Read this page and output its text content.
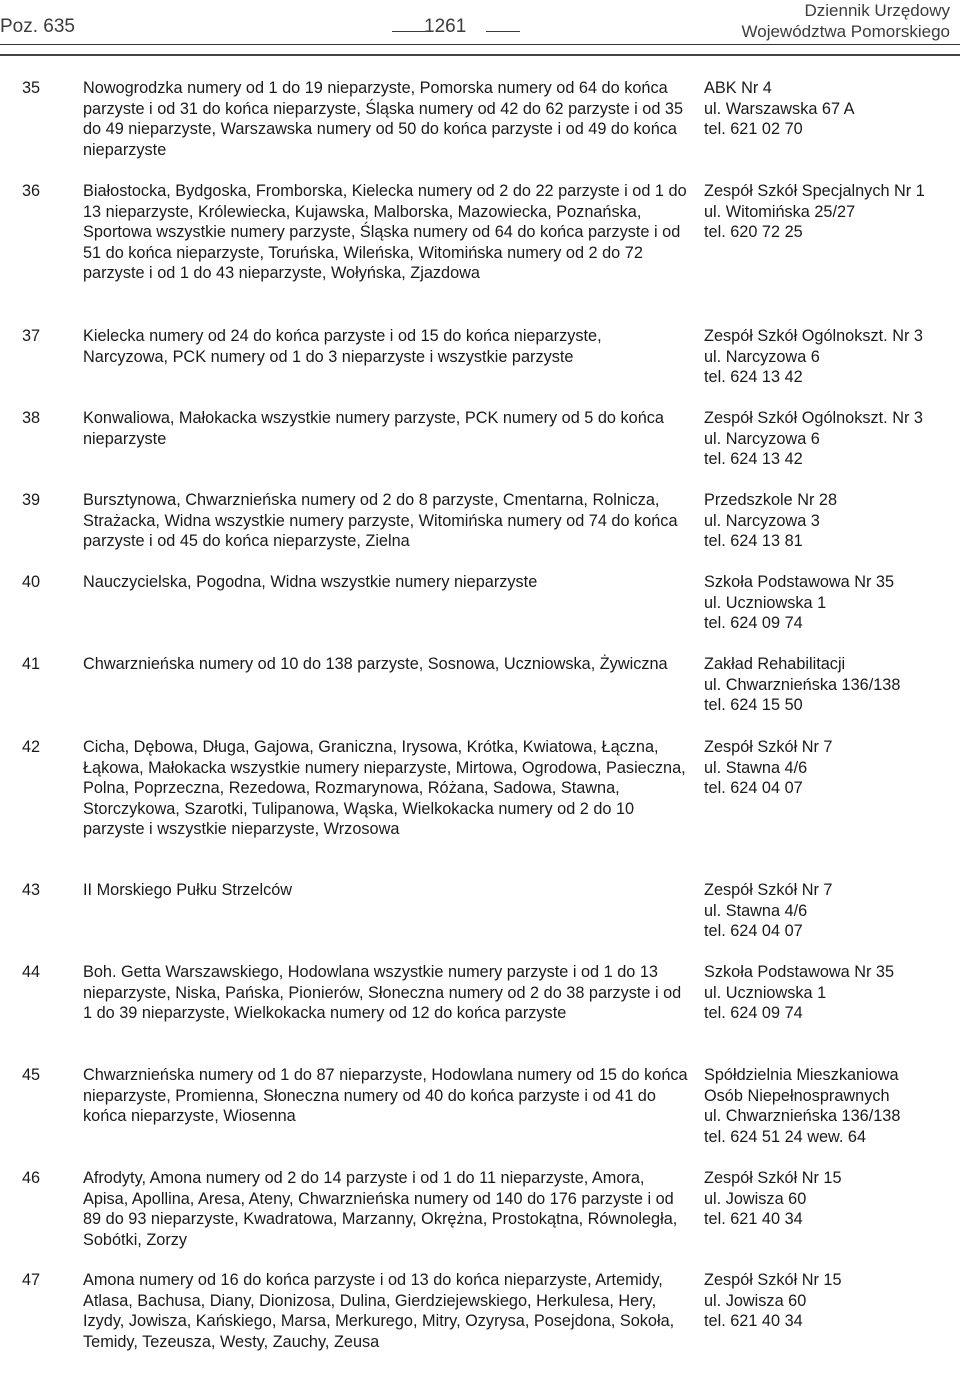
Poz. 635	1261
Dziennik Urzędowy
Województwa Pomorskiego
35	Nowogrodzka numery od 1 do 19 nieparzyste, Pomorska numery od 64 do końca parzyste i od 31 do końca nieparzyste, Śląska numery od 42 do 62 parzyste i od 35 do 49 nieparzyste, Warszawska numery od 50 do końca parzyste i od 49 do końca nieparzyste
ABK Nr 4
ul. Warszawska 67 A
tel. 621 02 70
36	Białostocka, Bydgoska, Fromborska, Kielecka numery od 2 do 22 parzyste i od 1 do 13 nieparzyste, Królewiecka, Kujawska, Malborska, Mazowiecka, Poznańska, Sportowa wszystkie numery parzyste, Śląska numery od 64 do końca parzyste i od 51 do końca nieparzyste, Toruńska, Wileńska, Witomińska numery od 2 do 72 parzyste i od 1 do 43 nieparzyste, Wołyńska, Zjazdowa
Zespół Szkół Specjalnych Nr 1
ul. Witomińska 25/27
tel. 620 72 25
37	Kielecka numery od 24 do końca parzyste i od 15 do końca nieparzyste, Narcyzowa, PCK numery od 1 do 3 nieparzyste i wszystkie parzyste
Zespół Szkół Ogólnokszt. Nr 3
ul. Narcyzowa 6
tel. 624 13 42
38	Konwaliowa, Małokacka wszystkie numery parzyste, PCK numery od 5 do końca nieparzyste
Zespół Szkół Ogólnokszt. Nr 3
ul. Narcyzowa 6
tel. 624 13 42
39	Bursztynowa, Chwarznieńska numery od 2 do 8 parzyste, Cmentarna, Rolnicza, Strażacka, Widna wszystkie numery parzyste, Witomińska numery od 74 do końca parzyste i od 45 do końca nieparzyste, Zielna
Przedszkole Nr 28
ul. Narcyzowa 3
tel. 624 13 81
40	Nauczycielska, Pogodna, Widna wszystkie numery nieparzyste	Szkoła Podstawowa Nr 35
ul. Uczniowska 1
tel. 624 09 74
41	Chwarznieńska numery od 10 do 138 parzyste, Sosnowa, Uczniowska, Żywiczna	Zakład Rehabilitacji
ul. Chwarznieńska 136/138
tel. 624 15 50
42	Cicha, Dębowa, Długa, Gajowa, Graniczna, Irysowa, Krótka, Kwiatowa, Łączna, Łąkowa, Małokacka wszystkie numery nieparzyste, Mirtowa, Ogrodowa, Pasieczna, Polna, Poprzeczna, Rezedowa, Rozmarynowa, Różana, Sadowa, Stawna, Storczykowa, Szarotki, Tulipanowa, Wąska, Wielkokacka numery od 2 do 10 parzyste i wszystkie nieparzyste, Wrzosowa
Zespół Szkół Nr 7
ul. Stawna 4/6
tel. 624 04 07
43	II Morskiego Pułku Strzelców	Zespół Szkół Nr 7
ul. Stawna 4/6
tel. 624 04 07
44	Boh. Getta Warszawskiego, Hodowlana wszystkie numery parzyste i od 1 do 13 nieparzyste, Niska, Pańska, Pionierów, Słoneczna numery od 2 do 38 parzyste i od 1 do 39 nieparzyste, Wielkokacka numery od 12 do końca parzyste
Szkoła Podstawowa Nr 35
ul. Uczniowska 1
tel. 624 09 74
45	Chwarznieńska numery od 1 do 87 nieparzyste, Hodowlana numery od 15 do końca nieparzyste, Promienna, Słoneczna numery od 40 do końca parzyste i od 41 do końca nieparzyste, Wiosenna
Spółdzielnia Mieszkaniowa
Osób Niepełnosprawnych
ul. Chwarznieńska 136/138
tel. 624 51 24 wew. 64
46	Afrodyty, Amona numery od 2 do 14 parzyste i od 1 do 11 nieparzyste, Amora, Apisa, Apollina, Aresa, Ateny, Chwarznieńska numery od 140 do 176 parzyste i od 89 do 93 nieparzyste, Kwadratowa, Marzanny, Okrężna, Prostokątna, Równoległa, Sobótki, Zorzy
Zespół Szkół Nr 15
ul. Jowisza 60
tel. 621 40 34
47	Amona numery od 16 do końca parzyste i od 13 do końca nieparzyste, Artemidy, Atlasa, Bachusa, Diany, Dionizosa, Dulina, Gierdziejewskiego, Herkulesa, Hery, Izydy, Jowisza, Kańskiego, Marsa, Merkurego, Mitry, Ozyrysa, Posejdona, Sokoła, Temidy, Tezeusza, Westy, Zauchy, Zeusa
Zespół Szkół Nr 15
ul. Jowisza 60
tel. 621 40 34
